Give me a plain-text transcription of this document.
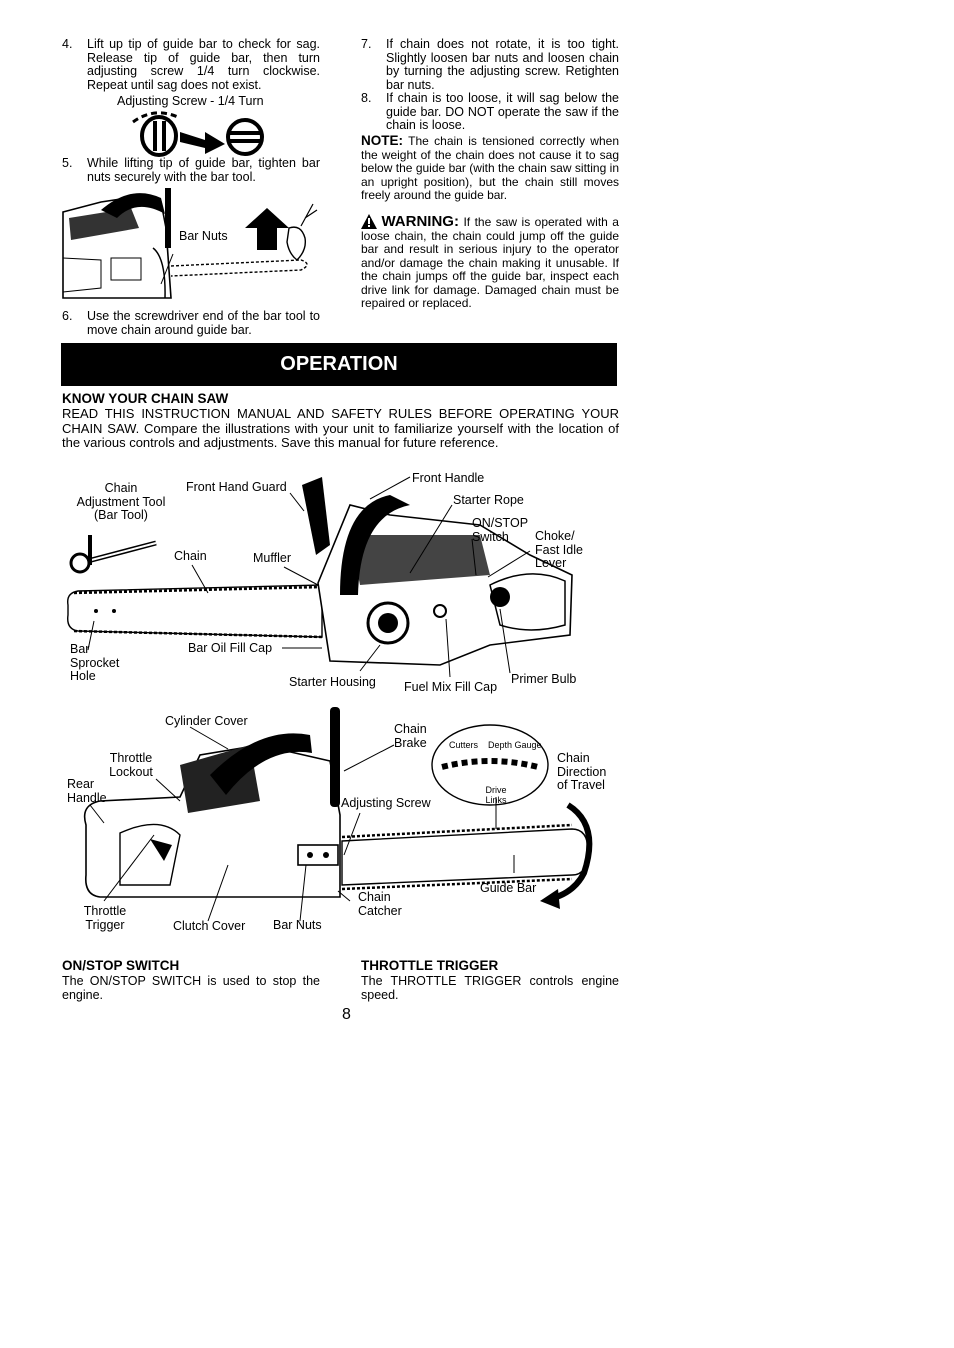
4. Lift up tip of guide bar to check for sag. Release tip of guide bar, then turn adjusting screw 1/4 turn clockwise. Repeat until sag does not exist.
Adjusting Screw - 1/4 Turn
5. While lifting tip of guide bar, tighten bar nuts securely with the bar tool.
Bar Nuts
6. Use the screwdriver end of the bar tool to move chain around guide bar.
7. If chain does not rotate, it is too tight. Slightly loosen bar nuts and loosen chain by turning the adjusting screw. Retighten bar nuts.
8. If chain is too loose, it will sag below the guide bar. DO NOT operate the saw if the chain is loose.
NOTE: The chain is tensioned correctly when the weight of the chain does not cause it to sag below the guide bar (with the chain saw sitting in an upright position), but the chain still moves freely around the guide bar.
WARNING: If the saw is operated with a loose chain, the chain could jump off the guide bar and result in serious injury to the operator and/or damage the chain making it unusable. If the chain jumps off the guide bar, inspect each drive link for damage. Damaged chain must be repaired or replaced.
OPERATION
KNOW YOUR CHAIN SAW
READ THIS INSTRUCTION MANUAL AND SAFETY RULES BEFORE OPERATING YOUR CHAIN SAW. Compare the illustrations with your unit to familiarize yourself with the location of the various controls and adjustments. Save this manual for future reference.
Chain
Adjustment Tool
(Bar Tool)
Front Hand Guard
Front Handle
Starter Rope
ON/STOP
Switch	Choke/
Fast Idle
Lever
Chain	Muffler
Bar
Sprocket
Hole
Bar Oil Fill Cap
Starter Housing Fuel Mix Fill Cap
Primer Bulb
Cylinder Cover
Throttle
Lockout
Rear
Handle
Chain
Brake Cutters Depth Gauge
Drive
Links
Chain
Direction
of Travel
Adjusting Screw
Chain
Catcher
Guide Bar
Throttle
Trigger	Clutch Cover Bar Nuts
ON/STOP SWITCH
The ON/STOP SWITCH is used to stop the engine.
THROTTLE TRIGGER
The THROTTLE TRIGGER controls engine speed.
8
